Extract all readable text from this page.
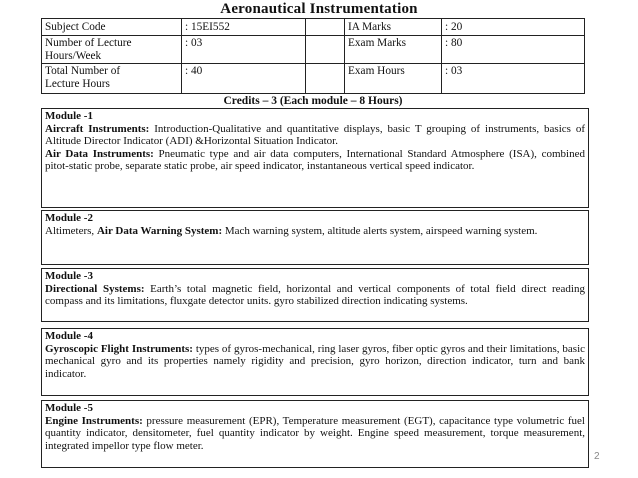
Aeronautical Instrumentation
Subject Code	: 15EI552	IA Marks	: 20
Number of Lecture
Hours/Week
: 03	Exam Marks	: 80
Total Number of
Lecture Hours
: 40	Exam Hours	: 03
Credits – 3 (Each module – 8 Hours)
Module -1

Aircraft Instruments: Introduction-Qualitative and quantitative displays, basic T grouping of instruments, basics of Altitude Director Indicator (ADI) &Horizontal Situation Indicator.

Air Data Instruments: Pneumatic type and air data computers, International Standard Atmosphere (ISA), combined pitot-static probe, separate static probe, air speed indicator, instantaneous vertical speed indicator.

Module -2

Altimeters, Air Data Warning System: Mach warning system, altitude alerts system, airspeed warning system.

Module -3

Directional Systems: Earth’s total magnetic field, horizontal and vertical components of total field direct reading compass and its limitations, fluxgate detector units. gyro stabilized direction indicating systems.

Module -4

Gyroscopic Flight Instruments: types of gyros-mechanical, ring laser gyros, fiber optic gyros and their limitations, basic mechanical gyro and its properties namely rigidity and precision, gyro horizon, direction indicator, turn and bank indicator.

Module -5

Engine Instruments: pressure measurement (EPR), Temperature measurement (EGT), capacitance type volumetric fuel quantity indicator, densitometer, fuel quantity indicator by weight. Engine speed measurement, torque measurement, integrated impellor type flow meter.

2
